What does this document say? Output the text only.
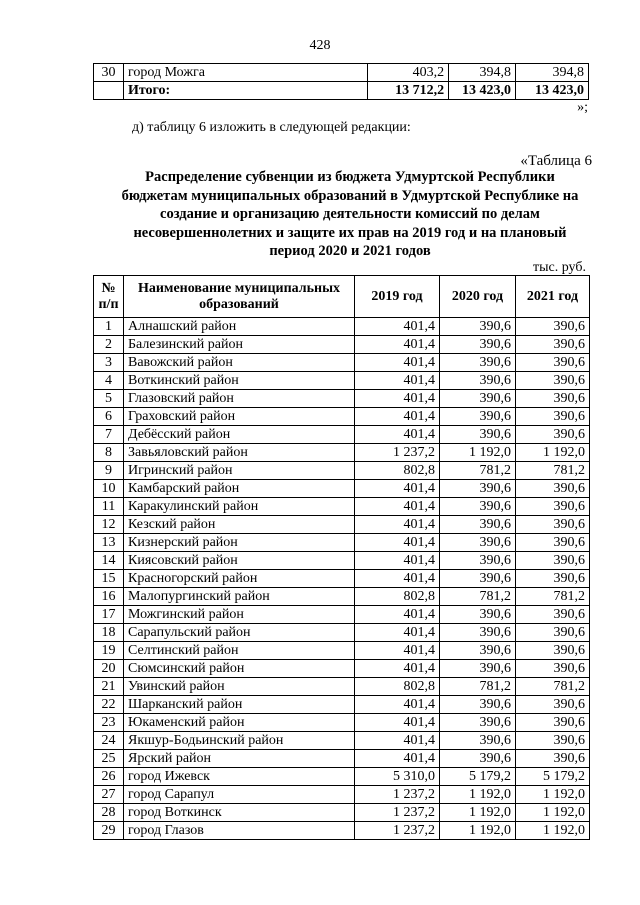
428
30	город Можга	403,2	394,8	394,8
	Итого:	13 712,2	13 423,0	13 423,0
»;
д) таблицу 6 изложить в следующей редакции:
«Таблица 6
Распределение субвенции из бюджета Удмуртской Республики
бюджетам муниципальных образований в Удмуртской Республике на
создание и организацию деятельности комиссий по делам
несовершеннолетних и защите их прав на 2019 год и на плановый
период 2020 и 2021 годов
тыс. руб.
№ п/п	Наименование муниципальных образований	2019 год	2020 год	2021 год
1	Алнашский район	401,4	390,6	390,6
2	Балезинский район	401,4	390,6	390,6
3	Вавожский район	401,4	390,6	390,6
4	Воткинский район	401,4	390,6	390,6
5	Глазовский район	401,4	390,6	390,6
6	Граховский район	401,4	390,6	390,6
7	Дебёсский район	401,4	390,6	390,6
8	Завьяловский район	1 237,2	1 192,0	1 192,0
9	Игринский район	802,8	781,2	781,2
10	Камбарский район	401,4	390,6	390,6
11	Каракулинский район	401,4	390,6	390,6
12	Кезский район	401,4	390,6	390,6
13	Кизнерский район	401,4	390,6	390,6
14	Киясовский район	401,4	390,6	390,6
15	Красногорский район	401,4	390,6	390,6
16	Малопургинский район	802,8	781,2	781,2
17	Можгинский район	401,4	390,6	390,6
18	Сарапульский район	401,4	390,6	390,6
19	Селтинский район	401,4	390,6	390,6
20	Сюмсинский район	401,4	390,6	390,6
21	Увинский район	802,8	781,2	781,2
22	Шарканский район	401,4	390,6	390,6
23	Юкаменский район	401,4	390,6	390,6
24	Якшур-Бодьинский район	401,4	390,6	390,6
25	Ярский район	401,4	390,6	390,6
26	город Ижевск	5 310,0	5 179,2	5 179,2
27	город Сарапул	1 237,2	1 192,0	1 192,0
28	город Воткинск	1 237,2	1 192,0	1 192,0
29	город Глазов	1 237,2	1 192,0	1 192,0
